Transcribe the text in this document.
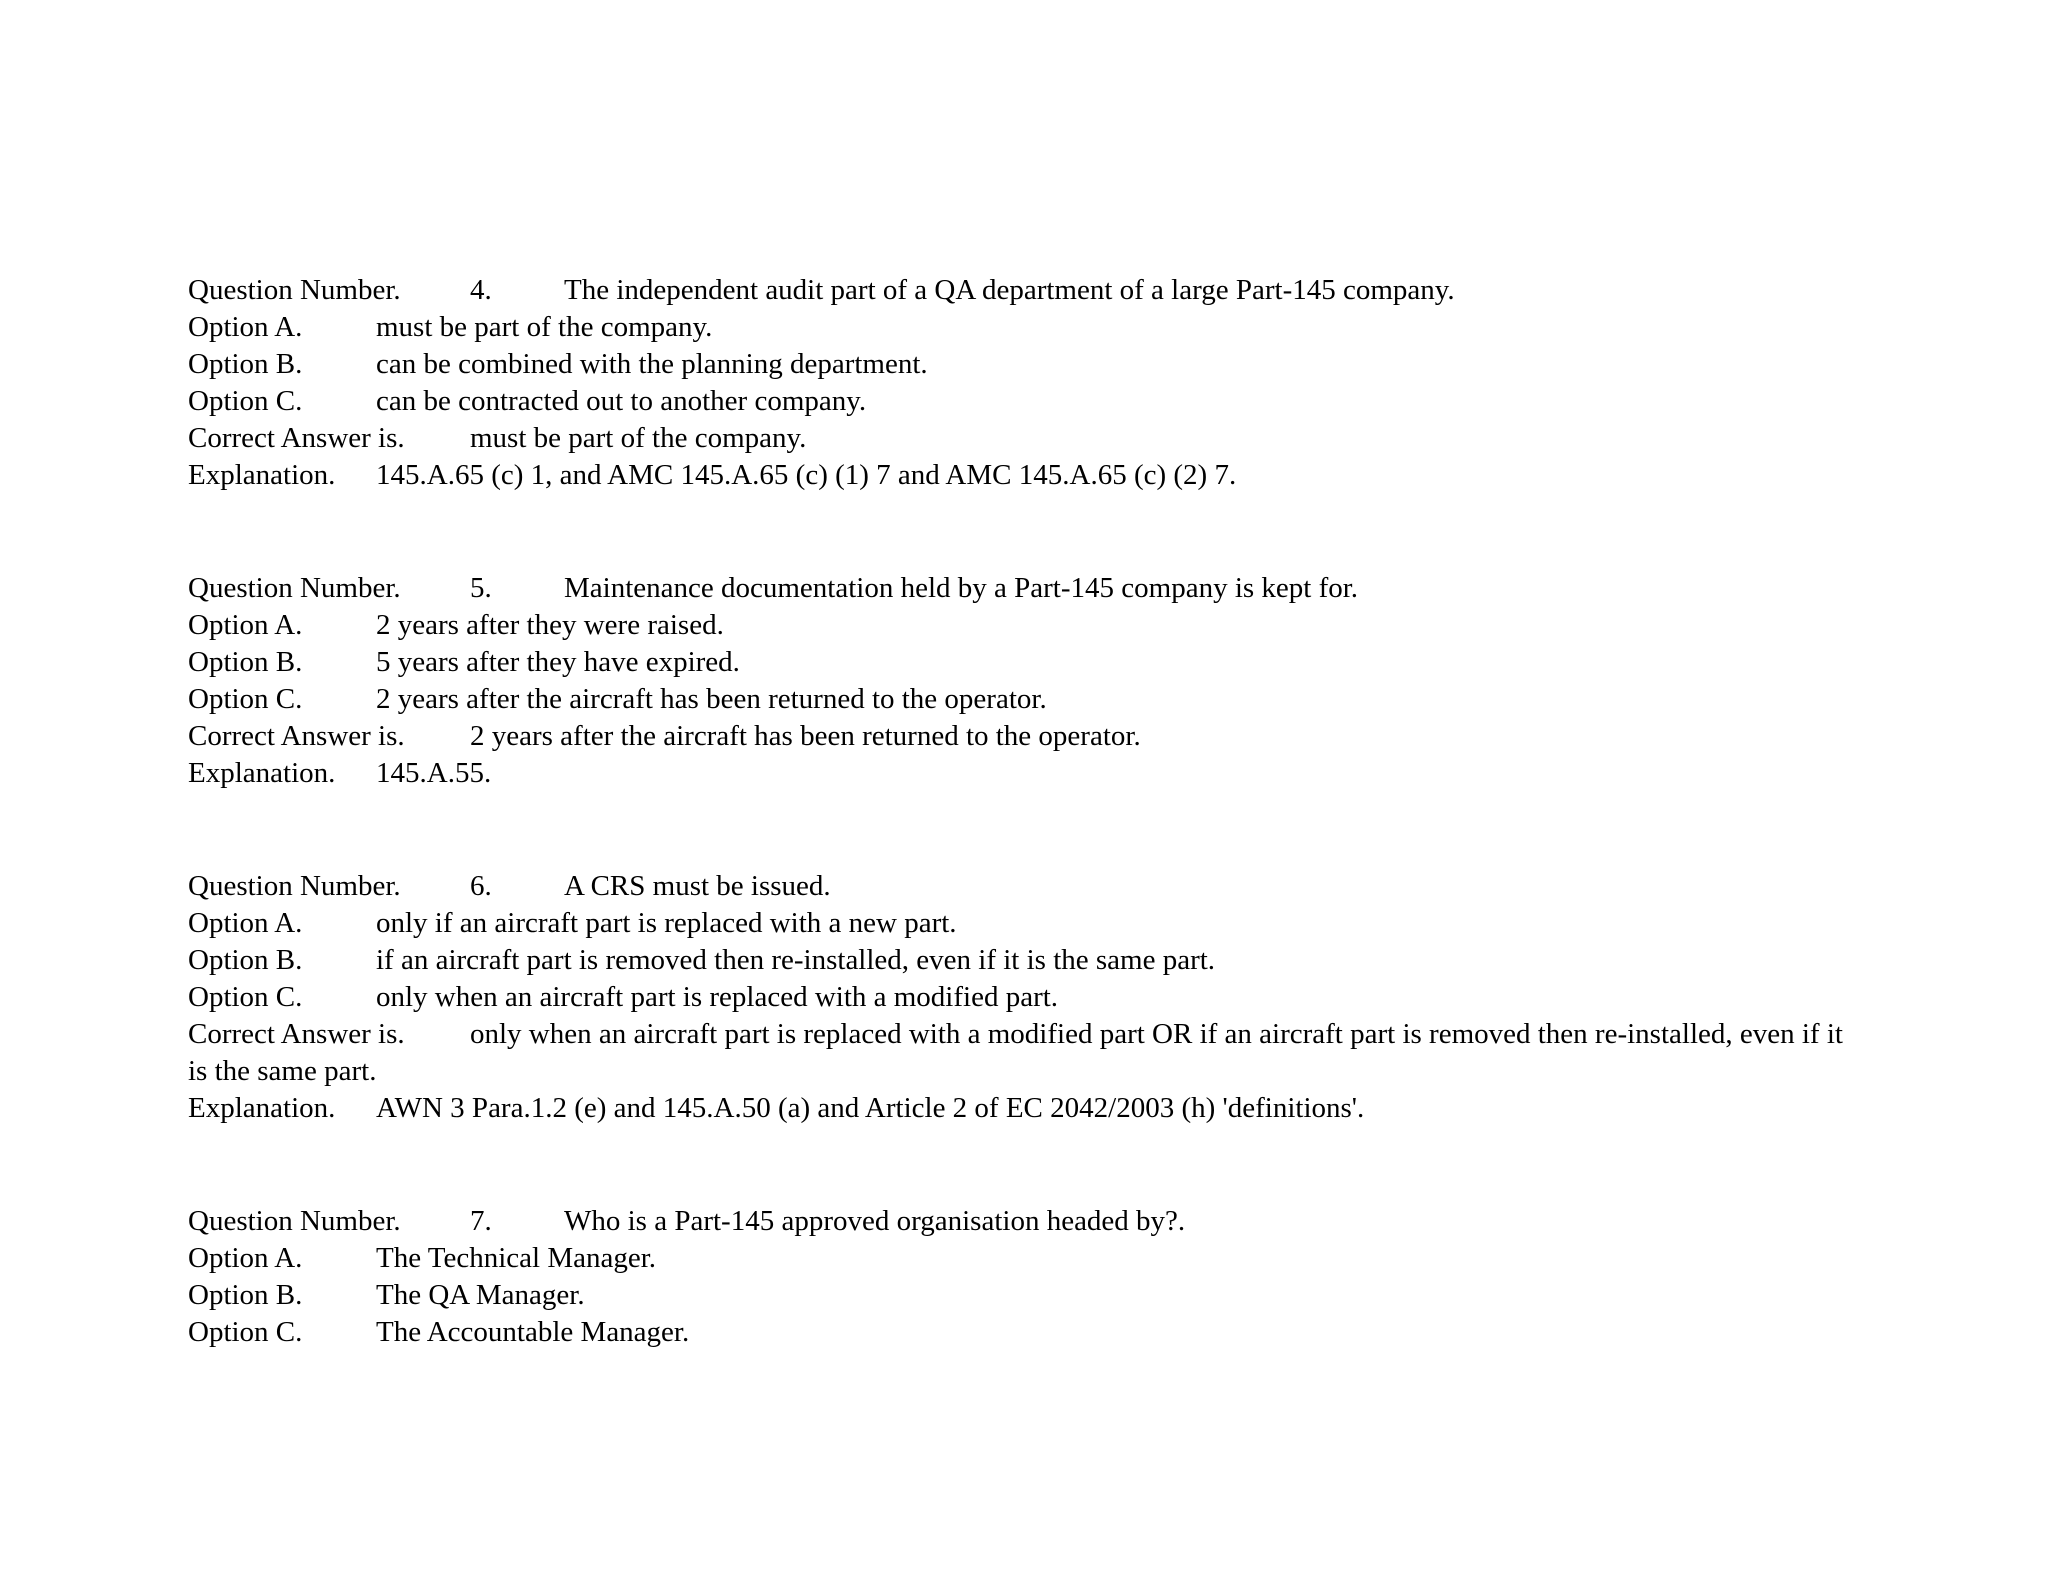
Question Number. 4. The independent audit part of a QA department of a large Part-145 company.
Option A.	must be part of the company.
Option B.	can be combined with the planning department.
Option C.	can be contracted out to another company.
Correct Answer is. must be part of the company.
Explanation. 145.A.65 (c) 1, and AMC 145.A.65 (c) (1) 7 and AMC 145.A.65 (c) (2) 7.
Question Number. 5. Maintenance documentation held by a Part-145 company is kept for.
Option A.	2 years after they were raised.
Option B.	5 years after they have expired.
Option C.	2 years after the aircraft has been returned to the operator.
Correct Answer is. 2 years after the aircraft has been returned to the operator.
Explanation. 145.A.55.
Question Number. 6. A CRS must be issued.
Option A.	only if an aircraft part is replaced with a new part.
Option B.	if an aircraft part is removed then re-installed, even if it is the same part.
Option C.	only when an aircraft part is replaced with a modified part.
Correct Answer is. only when an aircraft part is replaced with a modified part OR if an aircraft part is removed then re-installed, even if it is the same part.
Explanation. AWN 3 Para.1.2 (e) and 145.A.50 (a) and Article 2 of EC 2042/2003 (h) 'definitions'.
Question Number. 7. Who is a Part-145 approved organisation headed by?.
Option A.	The Technical Manager.
Option B.	The QA Manager.
Option C.	The Accountable Manager.
